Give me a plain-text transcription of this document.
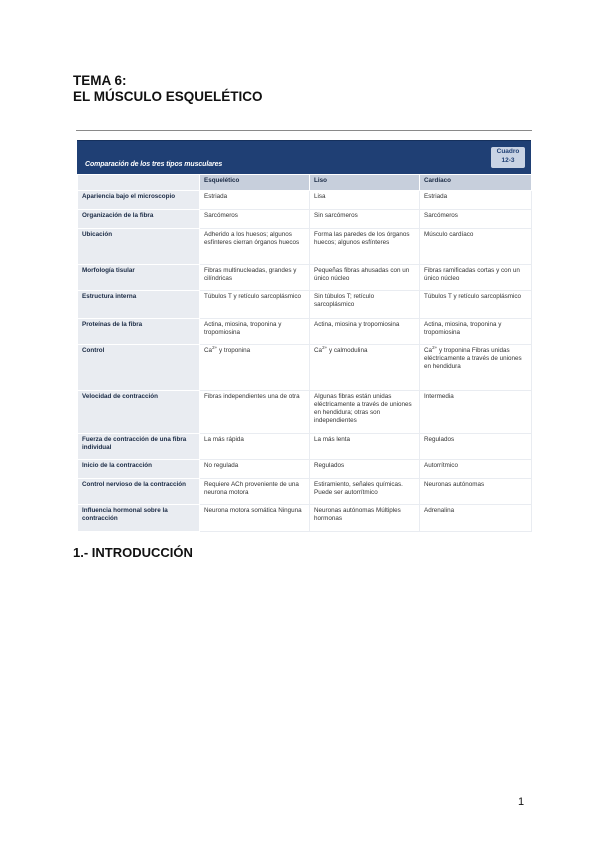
TEMA 6:
EL MÚSCULO ESQUELÉTICO
Comparación de los tres tipos musculares
Cuadro
12-3
	Esquelético	Liso	Cardíaco
Apariencia bajo el microscopio	Estriada	Lisa	Estriada
Organización de la fibra	Sarcómeros	Sin sarcómeros	Sarcómeros
Ubicación	Adherido a los huesos; algunos esfínteres cierran órganos huecos	Forma las paredes de los órganos huecos; algunos esfínteres	Músculo cardíaco
Morfología tisular	Fibras multinucleadas, grandes y cilíndricas	Pequeñas fibras ahusadas con un único núcleo	Fibras ramificadas cortas y con un único núcleo
Estructura interna	Túbulos T y retículo sarcoplásmico	Sin túbulos T; retículo sarcoplásmico	Túbulos T y retículo sarcoplásmico
Proteínas de la fibra	Actina, miosina, troponina y tropomiosina	Actina, miosina y tropomiosina	Actina, miosina, troponina y tropomiosina
Control	$Ca^{2+}$ y troponina	$Ca^{2+}$ y calmodulina	$Ca^{2+}$ y troponina Fibras unidas eléctricamente a través de uniones en hendidura
Velocidad de contracción	Fibras independientes una de otra	Algunas fibras están unidas eléctricamente a través de uniones en hendidura; otras son independientes	Intermedia
Fuerza de contracción de una fibra individual	La más rápida	La más lenta	Regulados
Inicio de la contracción	No regulada	Regulados	Autorrítmico
Control nervioso de la contracción	Requiere ACh proveniente de una neurona motora	Estiramiento, señales químicas. Puede ser autorrítmico	Neuronas autónomas
Influencia hormonal sobre la contracción	Neurona motora somática Ninguna	Neuronas autónomas Múltiples hormonas	Adrenalina
1.- INTRODUCCIÓN
1
